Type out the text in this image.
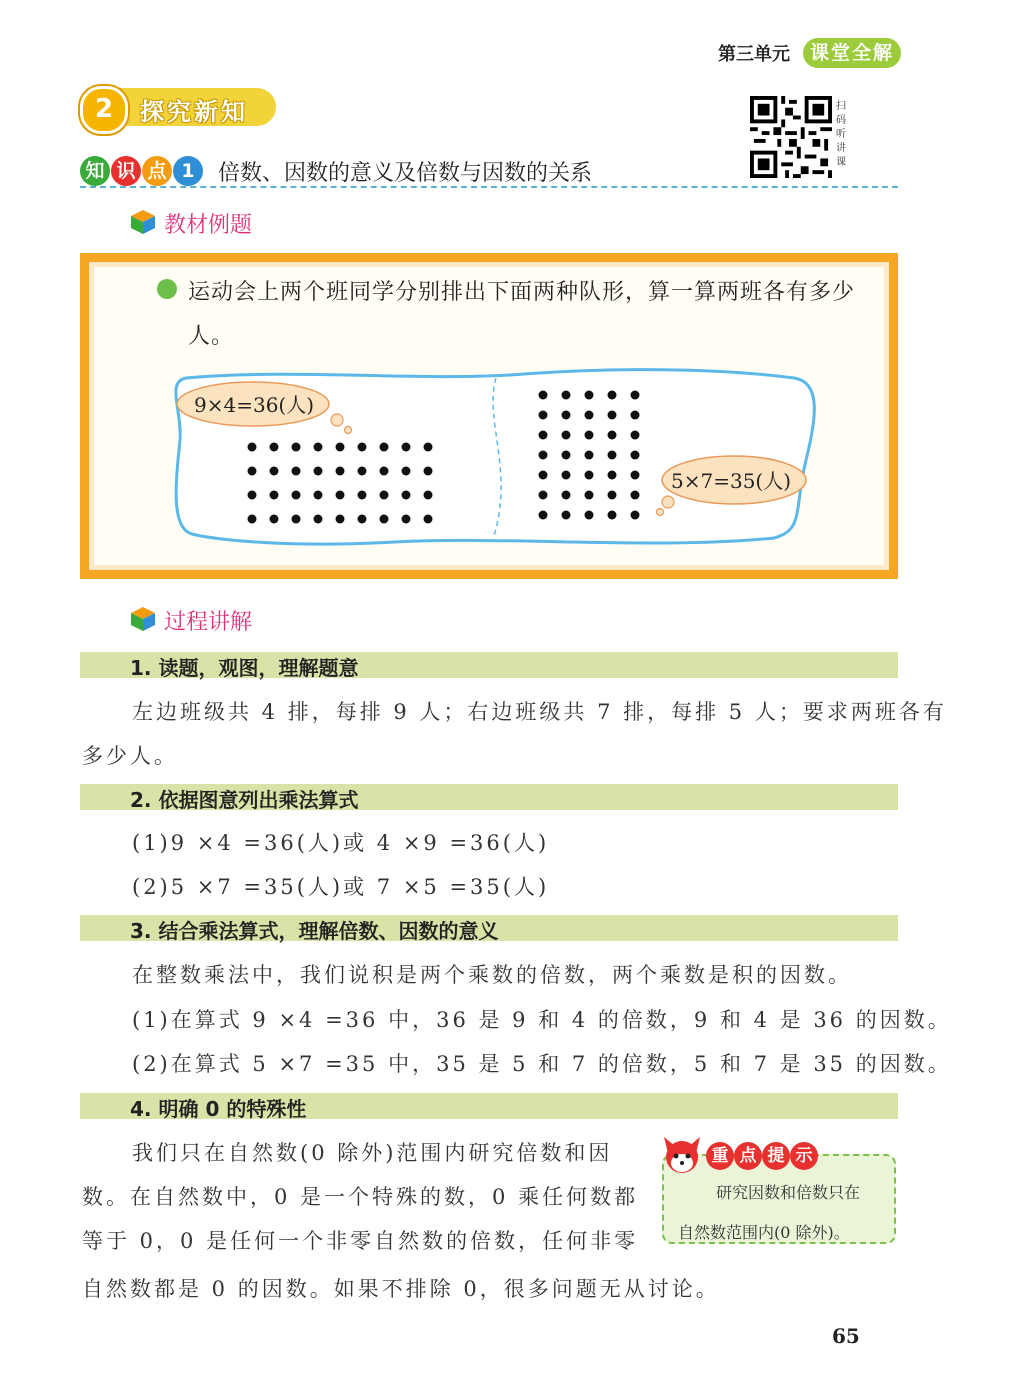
第三单元	课堂全解
2	探究新知
知 识 点 1	倍数、因数的意义及倍数与因数的关系
扫码听讲课
教材例题
运动会上两个班同学分别排出下面两种队形，算一算两班各有多少人。
9×4=36(人)
5×7=35(人)
过程讲解
1. 读题，观图，理解题意
左边班级共 4 排，每排 9 人；右边班级共 7 排，每排 5 人；要求两班各有
多少人。
2. 依据图意列出乘法算式
(1)9 ×4 =36(人)或 4 ×9 =36(人)
(2)5 ×7 =35(人)或 7 ×5 =35(人)
3. 结合乘法算式，理解倍数、因数的意义
在整数乘法中，我们说积是两个乘数的倍数，两个乘数是积的因数。
(1)在算式 9 ×4 =36 中，36 是 9 和 4 的倍数，9 和 4 是 36 的因数。
(2)在算式 5 ×7 =35 中，35 是 5 和 7 的倍数，5 和 7 是 35 的因数。
4. 明确 0 的特殊性
我们只在自然数(0 除外)范围内研究倍数和因
数。在自然数中，0 是一个特殊的数，0 乘任何数都
等于 0，0 是任何一个非零自然数的倍数，任何非零
自然数都是 0 的因数。如果不排除 0，很多问题无从讨论。
重 点 提 示
研究因数和倍数只在
自然数范围内(0 除外)。
65
